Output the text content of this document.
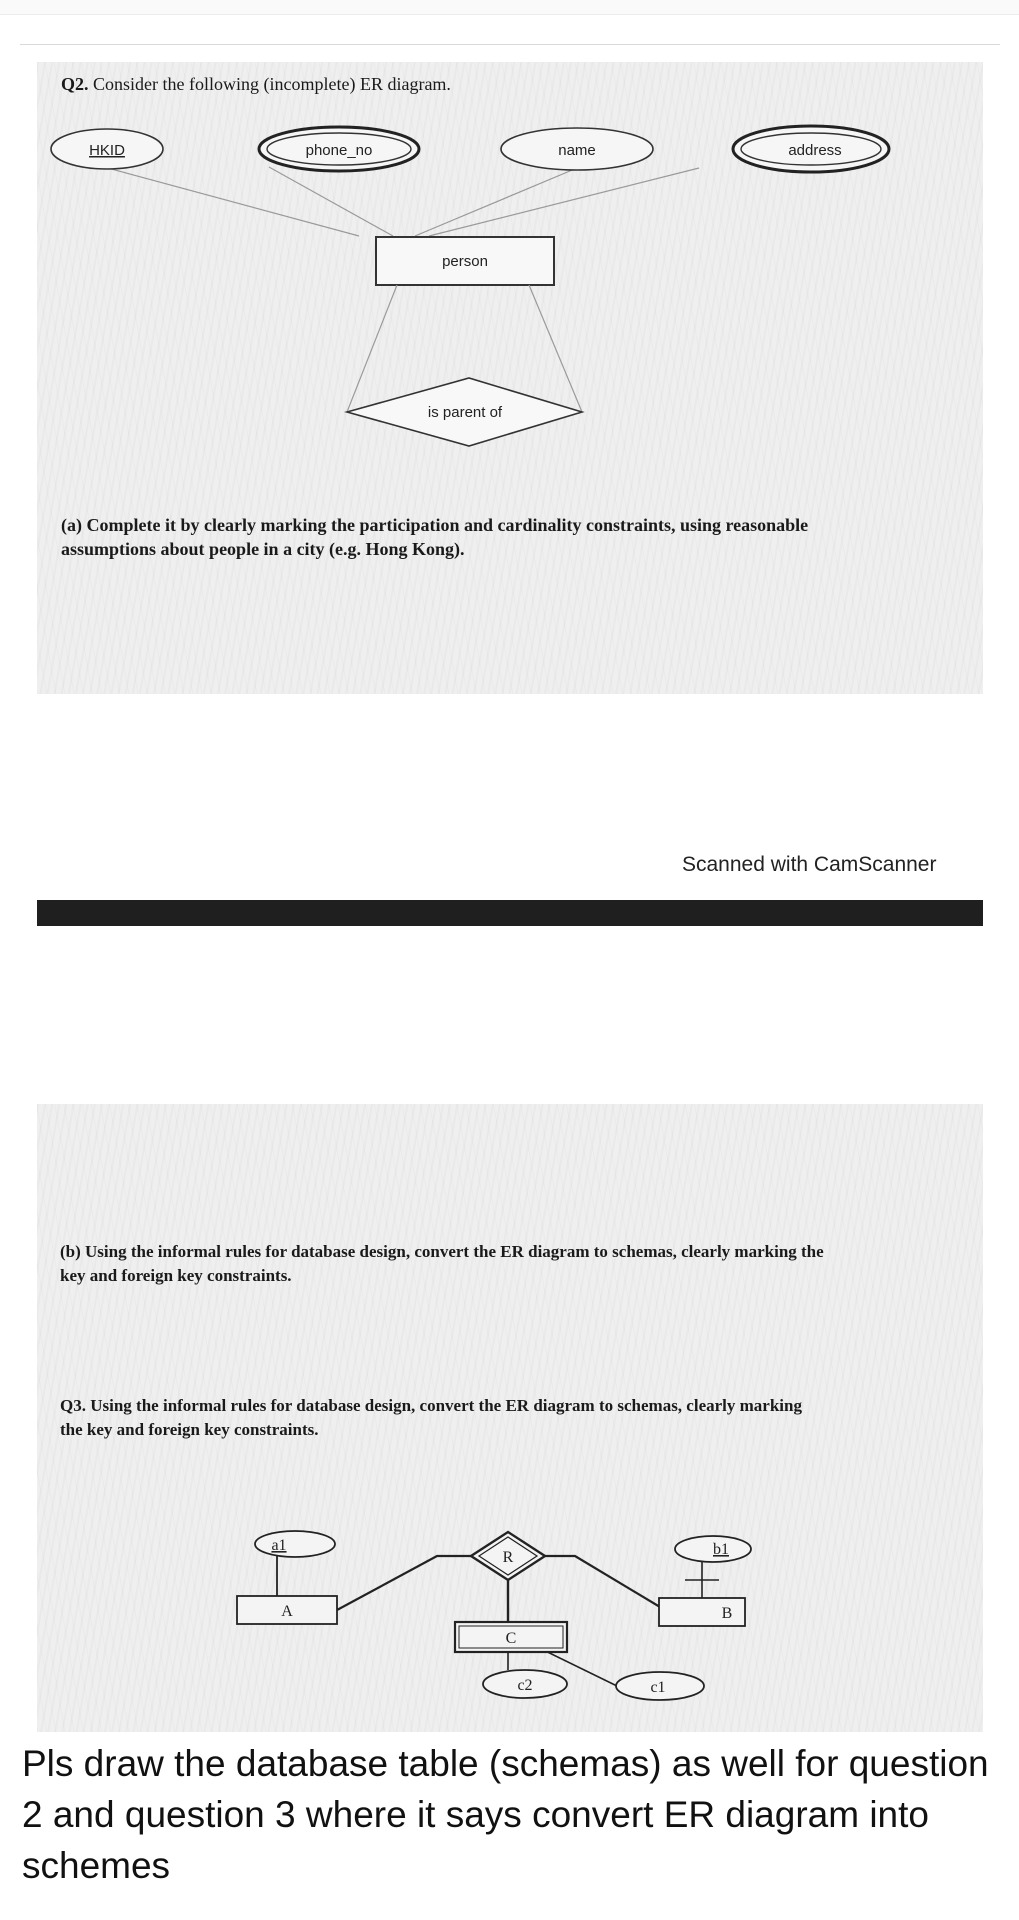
Q2. Consider the following (incomplete) ER diagram.
HKID	phone_no	name	address
person
is parent of
(a) Complete it by clearly marking the participation and cardinality constraints, using reasonable
assumptions about people in a city (e.g. Hong Kong).
Scanned with CamScanner
(b) Using the informal rules for database design, convert the ER diagram to schemas, clearly marking the
key and foreign key constraints.
Q3. Using the informal rules for database design, convert the ER diagram to schemas, clearly marking
the key and foreign key constraints.
a1
A
R
C
c2	c1
b1
B
Pls draw the database table (schemas) as well for question 2 and question 3 where it says convert ER diagram into schemes
